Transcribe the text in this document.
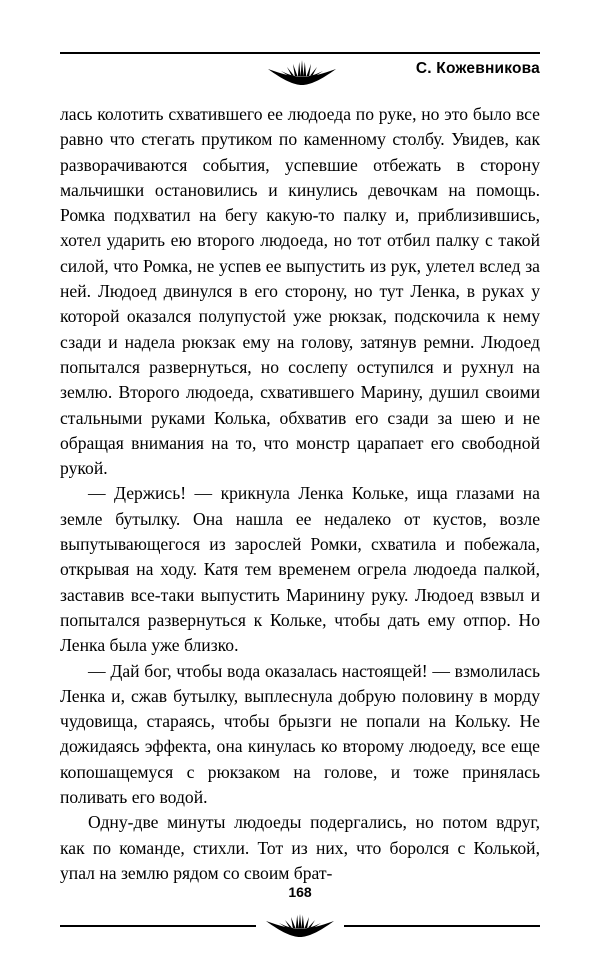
С. Кожевникова

лась колотить схватившего ее людоеда по руке, но это было все равно что стегать прутиком по каменному столбу. Увидев, как разворачиваются события, успевшие отбежать в сторону мальчишки остановились и кинулись девочкам на помощь. Ромка подхватил на бегу какую-то палку и, приблизившись, хотел ударить ею второго людоеда, но тот отбил палку с такой силой, что Ромка, не успев ее выпустить из рук, улетел вслед за ней. Людоед двинулся в его сторону, но тут Ленка, в руках у которой оказался полупустой уже рюкзак, подскочила к нему сзади и надела рюкзак ему на голову, затянув ремни. Людоед попытался развернуться, но сослепу оступился и рухнул на землю. Второго людоеда, схватившего Марину, душил своими стальными руками Колька, обхватив его сзади за шею и не обращая внимания на то, что монстр царапает его свободной рукой.

— Держись! — крикнула Ленка Кольке, ища глазами на земле бутылку. Она нашла ее недалеко от кустов, возле выпутывающегося из зарослей Ромки, схватила и побежала, открывая на ходу. Катя тем временем огрела людоеда палкой, заставив все-таки выпустить Маринину руку. Людоед взвыл и попытался развернуться к Кольке, чтобы дать ему отпор. Но Ленка была уже близко.

— Дай бог, чтобы вода оказалась настоящей! — взмолилась Ленка и, сжав бутылку, выплеснула добрую половину в морду чудовища, стараясь, чтобы брызги не попали на Кольку. Не дожидаясь эффекта, она кинулась ко второму людоеду, все еще копошащемуся с рюкзаком на голове, и тоже принялась поливать его водой.

Одну-две минуты людоеды подергались, но потом вдруг, как по команде, стихли. Тот из них, что боролся с Колькой, упал на землю рядом со своим брат-

168
